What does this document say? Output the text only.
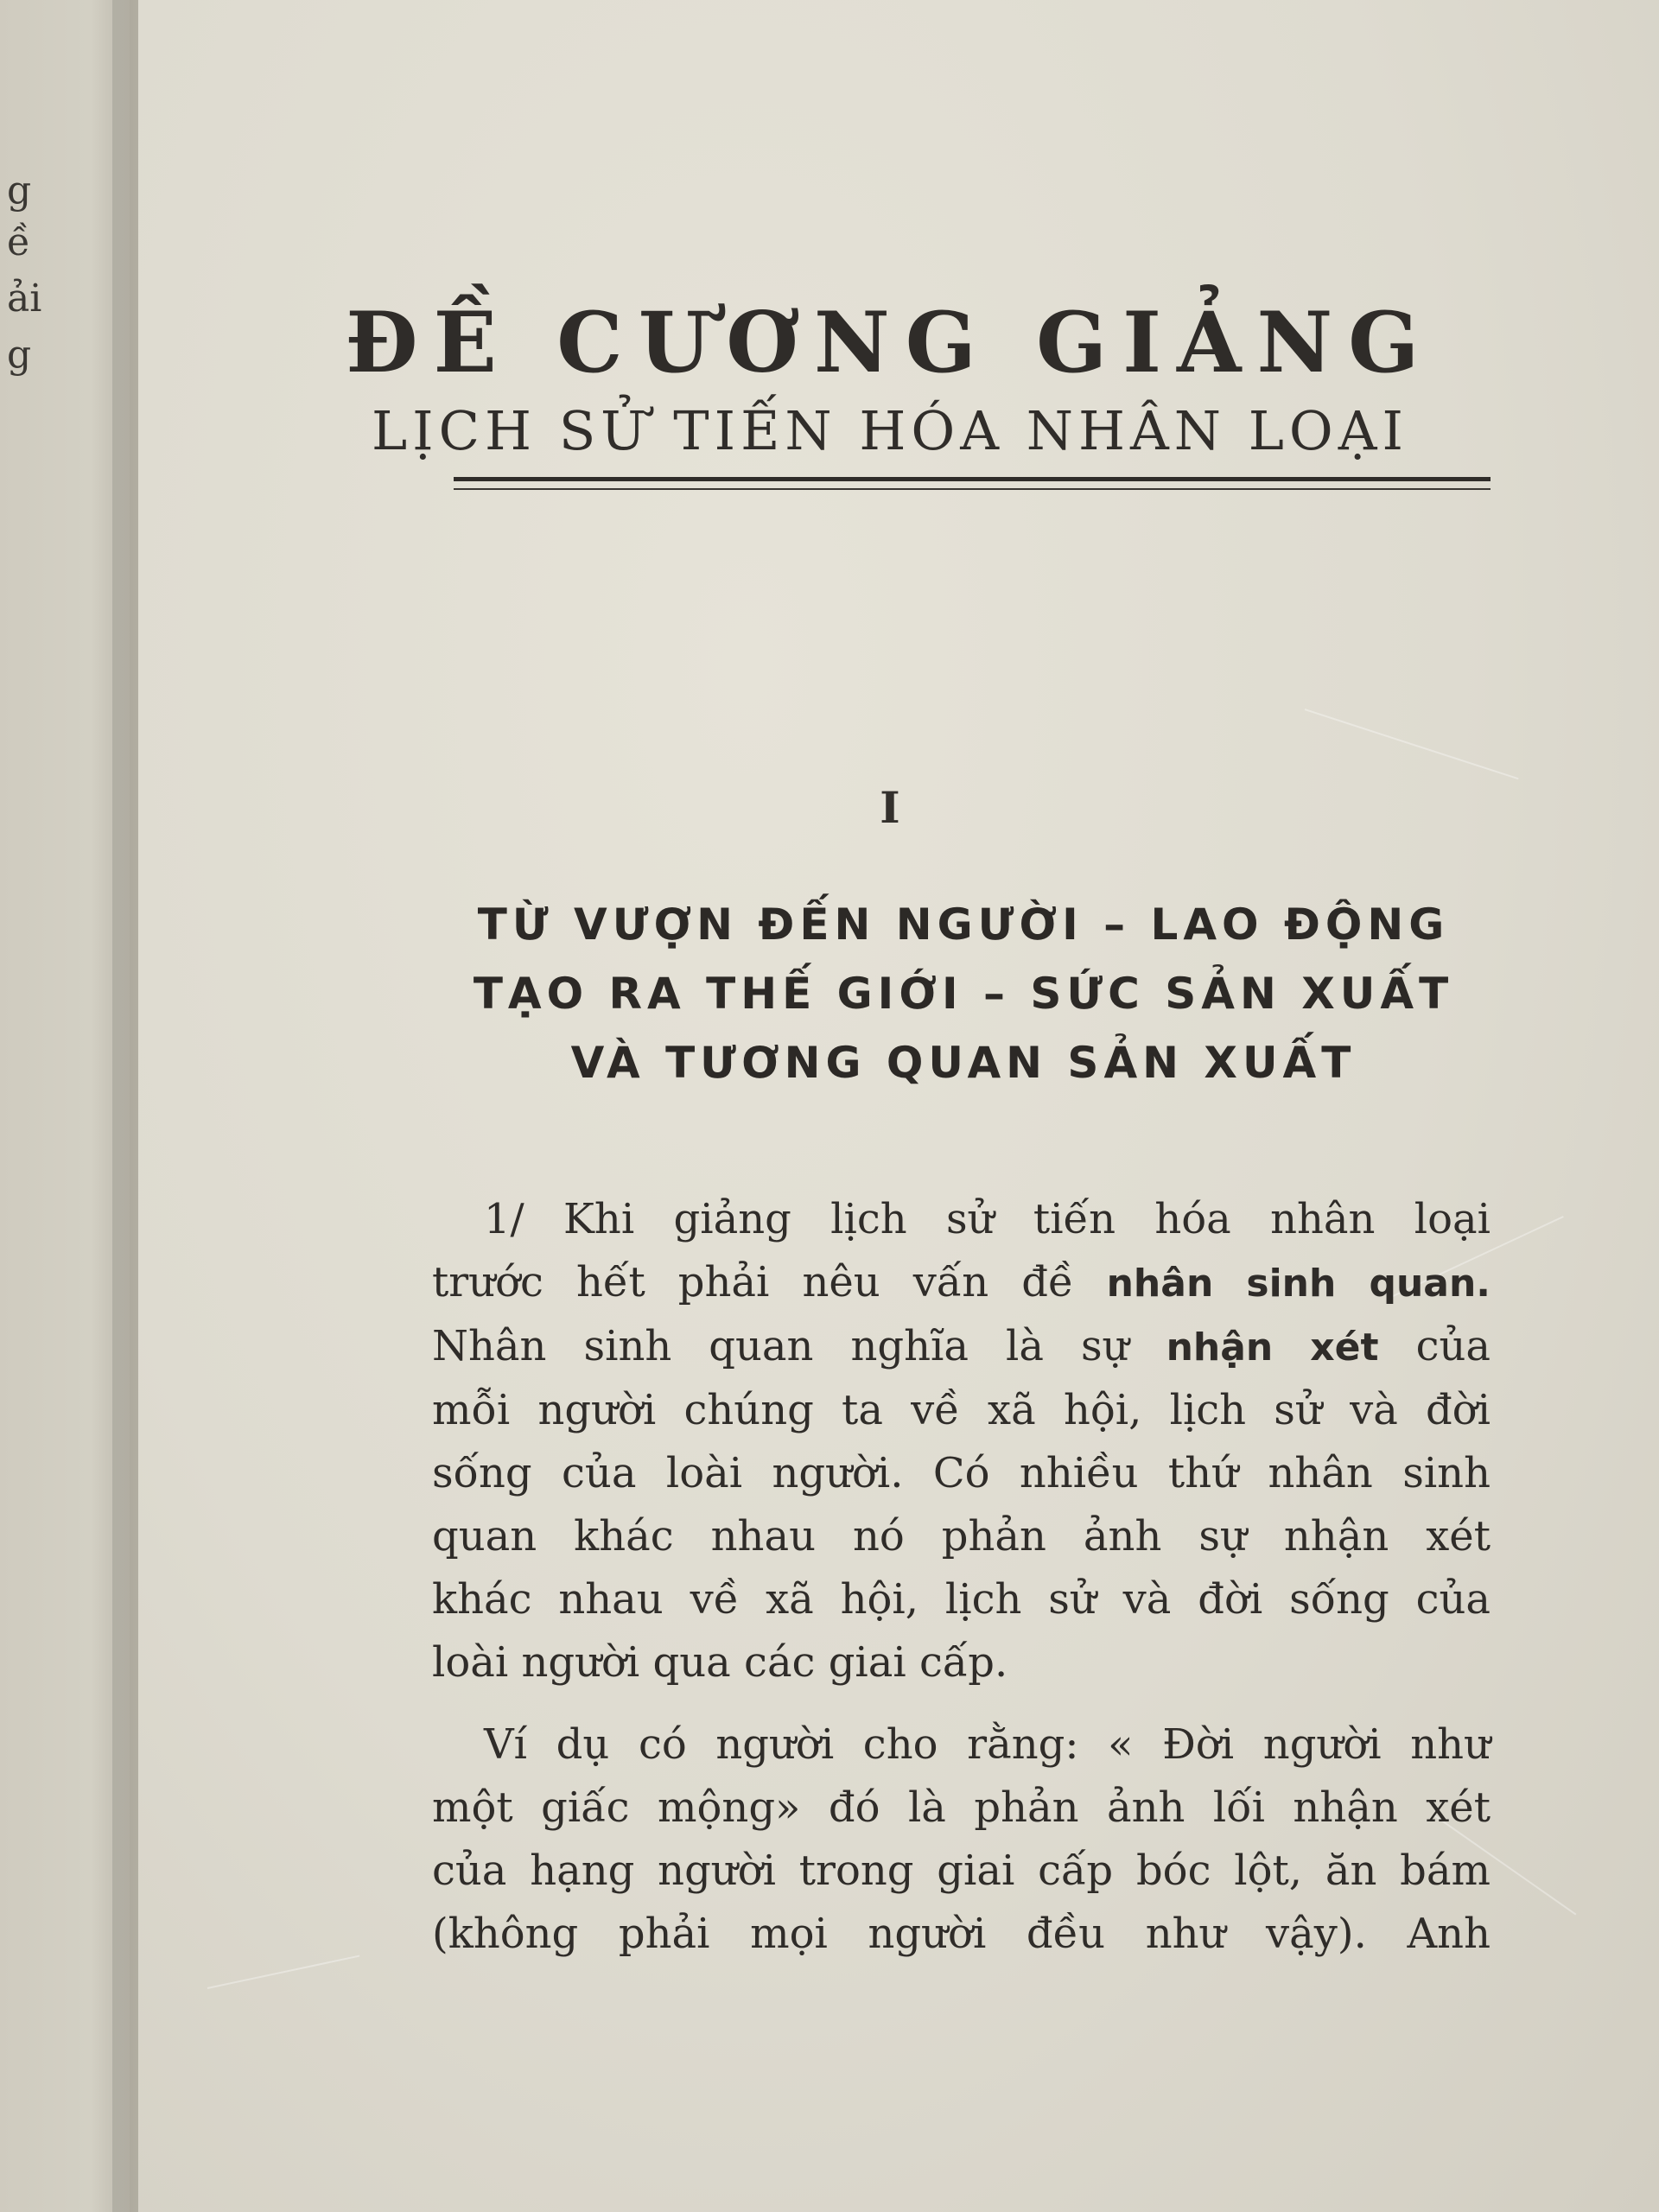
g
ề
ải
g	ĐỀ CƯƠNG GIẢNG
LỊCH SỬ TIẾN HÓA NHÂN LOẠI
I
TỪ VƯỢN ĐẾN NGƯỜI – LAO ĐỘNG
TẠO RA THẾ GIỚI – SỨC SẢN XUẤT
VÀ TƯƠNG QUAN SẢN XUẤT
1/ Khi giảng lịch sử tiến hóa nhân loại
trước hết phải nêu vấn đề nhân sinh quan.
Nhân sinh quan nghĩa là sự nhận xét của
mỗi người chúng ta về xã hội, lịch sử và đời
sống của loài người. Có nhiều thứ nhân sinh
quan khác nhau nó phản ảnh sự nhận xét
khác nhau về xã hội, lịch sử và đời sống của
loài người qua các giai cấp.
Ví dụ có người cho rằng: « Đời người như
một giấc mộng» đó là phản ảnh lối nhận xét
của hạng người trong giai cấp bóc lột, ăn bám
(không phải mọi người đều như vậy). Anh
